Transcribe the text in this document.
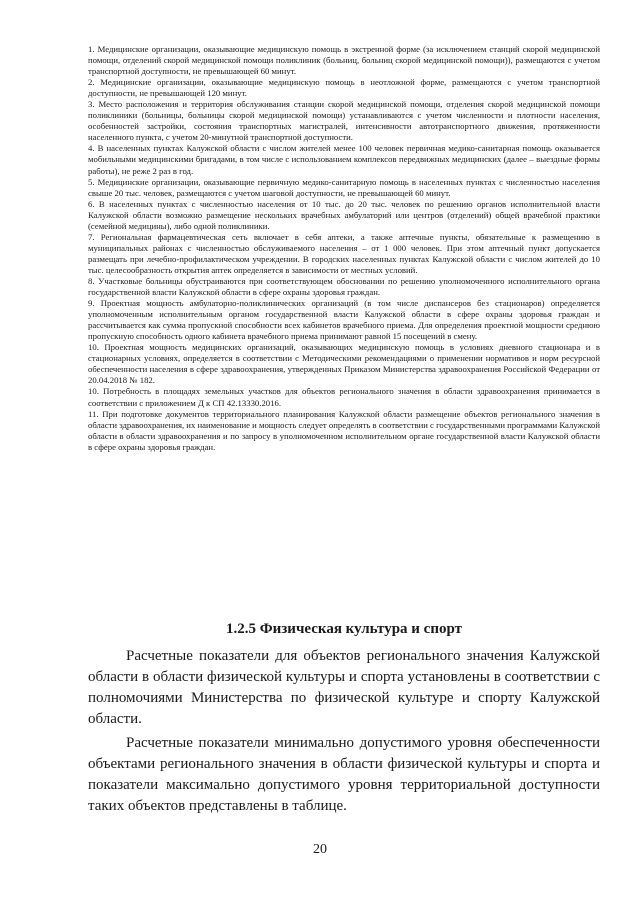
1. Медицинские организации, оказывающие медицинскую помощь в экстренной форме (за исключением станций скорой медицинской помощи, отделений скорой медицинской помощи поликлиник (больниц, больниц скорой медицинской помощи)), размещаются с учетом транспортной доступности, не превышающей 60 минут.

2. Медицинские организации, оказывающие медицинскую помощь в неотложной форме, размещаются с учетом транспортной доступности, не превышающей 120 минут.

3. Место расположения и территория обслуживания станции скорой медицинской помощи, отделения скорой медицинской помощи поликлиники (больницы, больницы скорой медицинской помощи) устанавливаются с учетом численности и плотности населения, особенностей застройки, состояния транспортных магистралей, интенсивности автотранспортного движения, протяженности населенного пункта, с учетом 20-минутной транспортной доступности.

4. В населенных пунктах Калужской области с числом жителей менее 100 человек первичная медико-санитарная помощь оказывается мобильными медицинскими бригадами, в том числе с использованием комплексов передвижных медицинских (далее – выездные формы работы), не реже 2 раз в год.

5. Медицинские организации, оказывающие первичную медико-санитарную помощь в населенных пунктах с численностью населения свыше 20 тыс. человек, размещаются с учетом шаговой доступности, не превышающей 60 минут.

6. В населенных пунктах с численностью населения от 10 тыс. до 20 тыс. человек по решению органов исполнительной власти Калужской области возможно размещение нескольких врачебных амбулаторий или центров (отделений) общей врачебной практики (семейной медицины), либо одной поликлиники.

7. Региональная фармацевтическая сеть включает в себя аптеки, а также аптечные пункты, обязательные к размещению в муниципальных районах с численностью обслуживаемого населения – от 1 000 человек. При этом аптечный пункт допускается размещать при лечебно-профилактическом учреждении. В городских населенных пунктах Калужской области с числом жителей до 10 тыс. целесообразность открытия аптек определяется в зависимости от местных условий.

8. Участковые больницы обустраиваются при соответствующем обосновании по решению уполномоченного исполнительного органа государственной власти Калужской области в сфере охраны здоровья граждан.

9. Проектная мощность амбулаторно-поликлинических организаций (в том числе диспансеров без стационаров) определяется уполномоченным исполнительным органом государственной власти Калужской области в сфере охраны здоровья граждан и рассчитывается как сумма пропускной способности всех кабинетов врачебного приема. Для определения проектной мощности среднюю пропускную способность одного кабинета врачебного приема принимают равной 15 посещений в смену.

10. Проектная мощность медицинских организаций, оказывающих медицинскую помощь в условиях дневного стационара и в стационарных условиях, определяется в соответствии с Методическими рекомендациями о применении нормативов и норм ресурсной обеспеченности населения в сфере здравоохранения, утвержденных Приказом Министерства здравоохранения Российской Федерации от 20.04.2018 № 182.

10. Потребность в площадях земельных участков для объектов регионального значения в области здравоохранения принимается в соответствии с приложением Д к СП 42.13330.2016.

11. При подготовке документов территориального планирования Калужской области размещение объектов регионального значения в области здравоохранения, их наименование и мощность следует определять в соответствии с государственными программами Калужской области в области здравоохранения и по запросу в уполномоченном исполнительном органе государственной власти Калужской области в сфере охраны здоровья граждан.

1.2.5 Физическая культура и спорт

Расчетные показатели для объектов регионального значения Калужской области в области физической культуры и спорта установлены в соответствии с полномочиями Министерства по физической культуре и спорту Калужской области.

Расчетные показатели минимально допустимого уровня обеспеченности объектами регионального значения в области физической культуры и спорта и показатели максимально допустимого уровня территориальной доступности таких объектов представлены в таблице.

20
